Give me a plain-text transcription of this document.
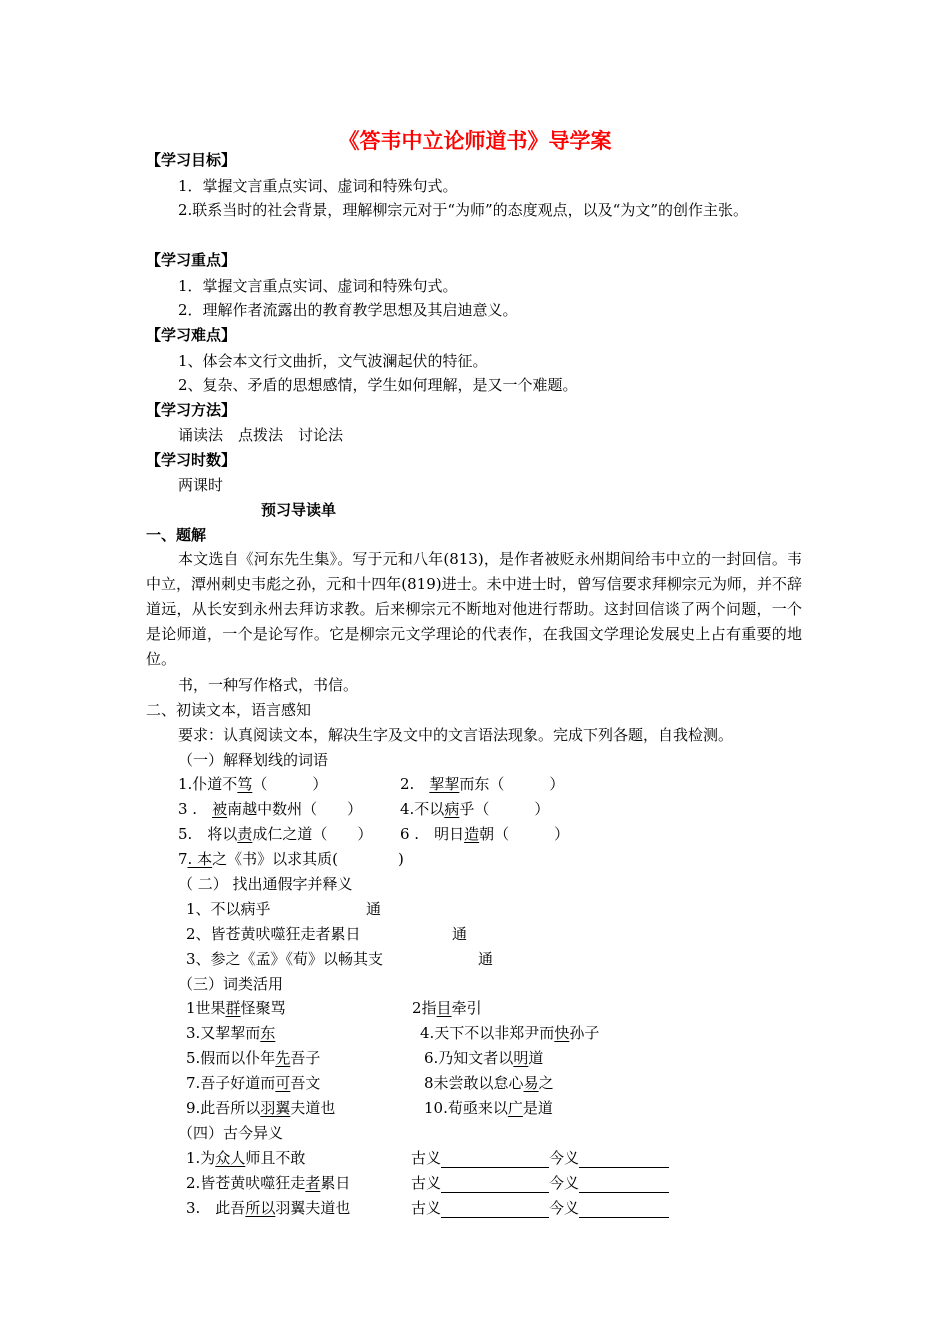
《答韦中立论师道书》导学案
【学习目标】
1．掌握文言重点实词、虚词和特殊句式。
2.联系当时的社会背景，理解柳宗元对于“为师”的态度观点，以及“为文”的创作主张。
【学习重点】
1．掌握文言重点实词、虚词和特殊句式。
2．理解作者流露出的教育教学思想及其启迪意义。
【学习难点】
1、体会本文行文曲折，文气波澜起伏的特征。
2、复杂、矛盾的思想感情，学生如何理解，是又一个难题。
【学习方法】
诵读法　点拨法　讨论法
【学习时数】
两课时
预习导读单
一、题解
本文选自《河东先生集》。写于元和八年(813)，是作者被贬永州期间给韦中立的一封回信。韦中立，潭州刺史韦彪之孙，元和十四年(819)进士。未中进士时，曾写信要求拜柳宗元为师，并不辞道远，从长安到永州去拜访求教。后来柳宗元不断地对他进行帮助。这封回信谈了两个问题，一个是论师道，一个是论写作。它是柳宗元文学理论的代表作，在我国文学理论发展史上占有重要的地位。
书，一种写作格式，书信。
二、初读文本，语言感知
要求：认真阅读文本，解决生字及文中的文言语法现象。完成下列各题，自我检测。
（一）解释划线的词语
1.仆道不笃（　　　）	2.　挈挈而东（　　　）
3 .　被南越中数州（　　）	4.不以病乎（　　　）
5.　将以责成仁之道（　　） 6 .　明日造朝（　　　）
7. 本之《书》以求其质(　　　　)
（ 二） 找出通假字并释义
1、不以病乎	通
2、皆苍黄吠噬狂走者累日	通
3、参之《孟》《荀》以畅其支	通
（三）词类活用
1世果群怪聚骂	2指目牵引
3.又挈挈而东	4.天下不以非郑尹而快孙子
5.假而以仆年先吾子	6.乃知文者以明道
7.吾子好道而可吾文	8未尝敢以怠心易之
9.此吾所以羽翼夫道也	10.荀亟来以广是道
（四）古今异义
1.为众人师且不敢	古义	今义
2.皆苍黄吠噬狂走者累日	古义	今义
3.　此吾所以羽翼夫道也	古义	今义
